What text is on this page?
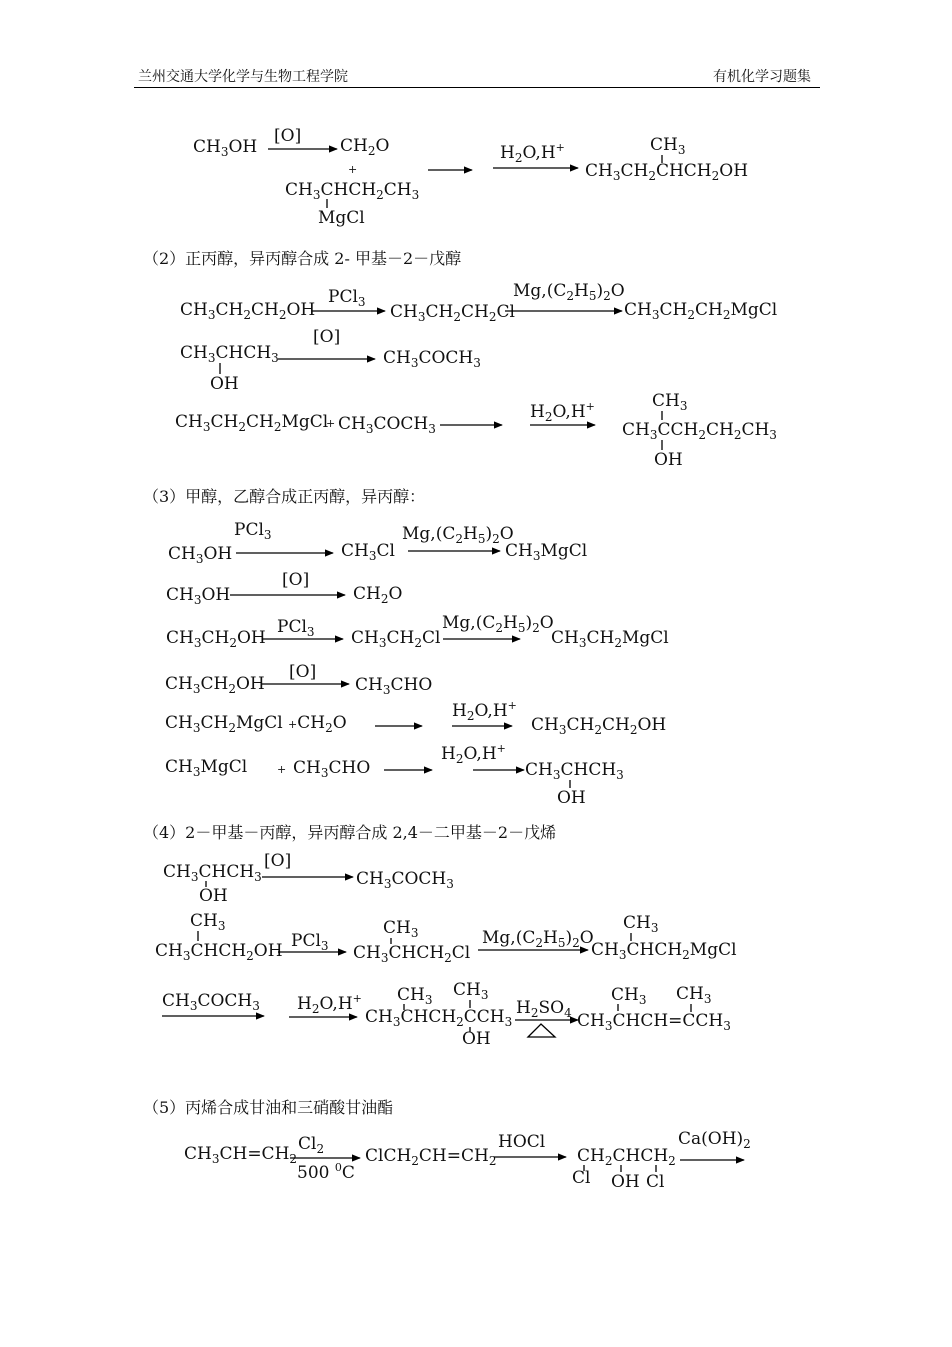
兰州交通大学化学与生物工程学院	有机化学习题集
$CH_3OH$
[O] $CH_2O$
+
$CH_3CHCH_2CH_3$
MgCl
$H_2O,H^+$	$CH_3$
$CH_3CH_2CHCH_2OH$
（2）正丙醇，异丙醇合成 2- 甲基－2－戊醇
$CH_3CH_2CH_2OH$
PCl$_3$ $CH_3CH_2CH_2Cl$
$Mg,(C_2H_5)_2O$
$CH_3CH_2CH_2MgCl$
$CH_3CHCH_3$
OH
[O]
$CH_3COCH_3$
$CH_3CH_2CH_2MgCl$
+ $CH_3COCH_3$
$H_2O,H^+$	$CH_3$
$CH_3CCH_2CH_2CH_3$
OH
（3）甲醇，乙醇合成正丙醇，异丙醇：
PCl$_3$
$CH_3OH$	$CH_3Cl$
$Mg,(C_2H_5)_2O$
$CH_3MgCl$
$CH_3OH$
[O]
$CH_2O$
$CH_3CH_2OH$
PCl$_3$ $CH_3CH_2Cl$
$Mg,(C_2H_5)_2O$
$CH_3CH_2MgCl$
$CH_3CH_2OH$
[O]
$CH_3CHO$
$CH_3CH_2MgCl +CH_2O$
$H_2O,H^+$
$CH_3CH_2CH_2OH$
$CH_3MgCl$	+ $CH_3CHO$
$H_2O,H^+$
$CH_3CHCH_3$
OH
（4）2－甲基－丙醇，异丙醇合成 2,4－二甲基－2－戊烯
$CH_3CHCH_3$
OH
[O]
$CH_3COCH_3$
$CH_3$
$CH_3CHCH_2OH$ PCl$_3$
$CH_3$
$CH_3CHCH_2Cl$
$Mg,(C_2H_5)_2O$
$CH_3$
$CH_3CHCH_2MgCl$
$CH_3COCH_3$ $H_2O,H^+$ $CH_3$ $CH_3$
$CH_3CHCH_2CCH_3$
OH
$H_2SO_4$
$CH_3$ $CH_3$
$CH_3CHCH=CCH_3$
（5）丙烯合成甘油和三硝酸甘油酯
$CH_3CH=CH_2$
$Cl_2$
500 $^0$C
$ClCH_2CH=CH_2$
HOCl
$CH_2CHCH_2$
Cl OH Cl
$Ca(OH)_2$
